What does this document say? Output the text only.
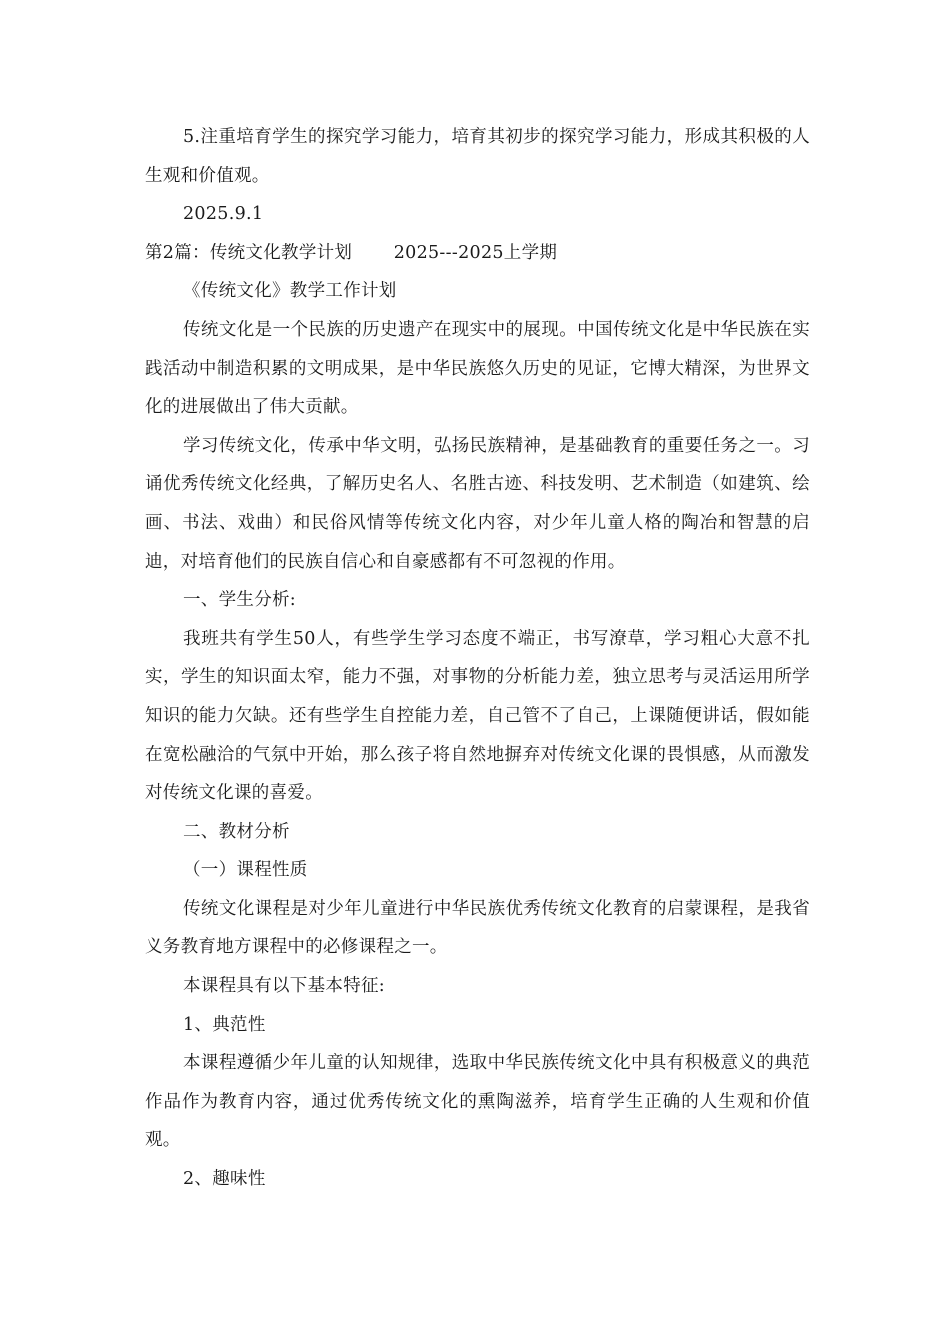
5.注重培育学生的探究学习能力，培育其初步的探究学习能力，形成其积极的人生观和价值观。

2025.9.1

第2篇：传统文化教学计划　　 2025---2025上学期

《传统文化》教学工作计划

传统文化是一个民族的历史遗产在现实中的展现。中国传统文化是中华民族在实践活动中制造积累的文明成果，是中华民族悠久历史的见证，它博大精深，为世界文化的进展做出了伟大贡献。

学习传统文化，传承中华文明，弘扬民族精神，是基础教育的重要任务之一。习诵优秀传统文化经典，了解历史名人、名胜古迹、科技发明、艺术制造（如建筑、绘画、书法、戏曲）和民俗风情等传统文化内容，对少年儿童人格的陶冶和智慧的启迪，对培育他们的民族自信心和自豪感都有不可忽视的作用。

一、学生分析:

我班共有学生50人，有些学生学习态度不端正，书写潦草，学习粗心大意不扎实，学生的知识面太窄，能力不强，对事物的分析能力差，独立思考与灵活运用所学知识的能力欠缺。还有些学生自控能力差，自己管不了自己，上课随便讲话，假如能在宽松融洽的气氛中开始，那么孩子将自然地摒弃对传统文化课的畏惧感，从而激发对传统文化课的喜爱。

二、教材分析

（一）课程性质

传统文化课程是对少年儿童进行中华民族优秀传统文化教育的启蒙课程，是我省义务教育地方课程中的必修课程之一。

本课程具有以下基本特征:

1、典范性

本课程遵循少年儿童的认知规律，选取中华民族传统文化中具有积极意义的典范作品作为教育内容，通过优秀传统文化的熏陶滋养，培育学生正确的人生观和价值观。

2、趣味性
